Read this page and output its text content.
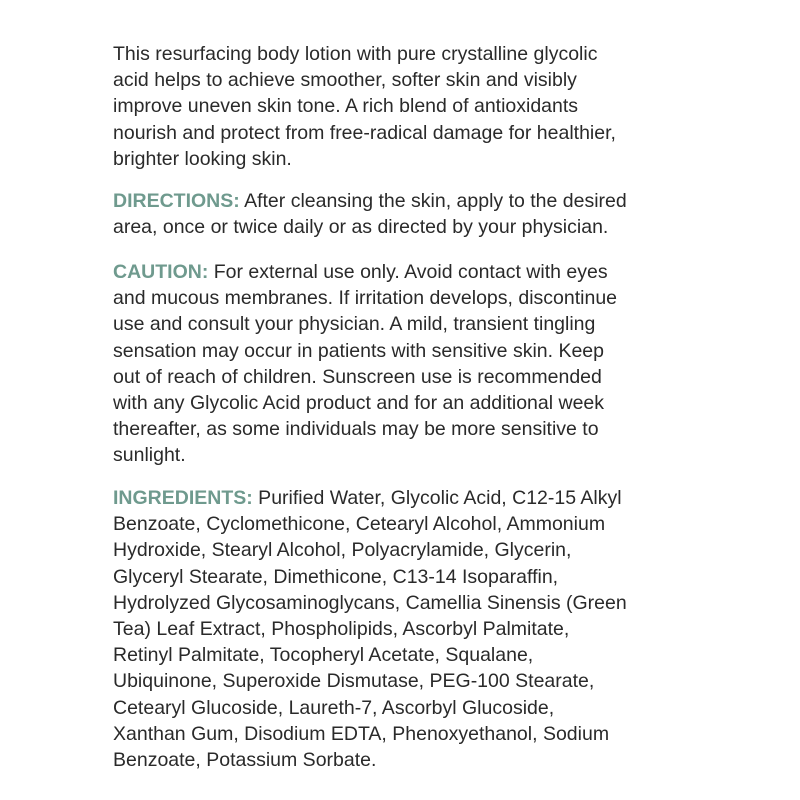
This resurfacing body lotion with pure crystalline glycolic
acid helps to achieve smoother, softer skin and visibly
improve uneven skin tone. A rich blend of antioxidants
nourish and protect from free-radical damage for healthier,
brighter looking skin.

DIRECTIONS: After cleansing the skin, apply to the desired
area, once or twice daily or as directed by your physician.

CAUTION: For external use only. Avoid contact with eyes
and mucous membranes. If irritation develops, discontinue
use and consult your physician. A mild, transient tingling
sensation may occur in patients with sensitive skin. Keep
out of reach of children. Sunscreen use is recommended
with any Glycolic Acid product and for an additional week
thereafter, as some individuals may be more sensitive to
sunlight.

INGREDIENTS: Purified Water, Glycolic Acid, C12-15 Alkyl
Benzoate, Cyclomethicone, Cetearyl Alcohol, Ammonium
Hydroxide, Stearyl Alcohol, Polyacrylamide, Glycerin,
Glyceryl Stearate, Dimethicone, C13-14 Isoparaffin,
Hydrolyzed Glycosaminoglycans, Camellia Sinensis (Green
Tea) Leaf Extract, Phospholipids, Ascorbyl Palmitate,
Retinyl Palmitate, Tocopheryl Acetate, Squalane,
Ubiquinone, Superoxide Dismutase, PEG-100 Stearate,
Cetearyl Glucoside, Laureth-7, Ascorbyl Glucoside,
Xanthan Gum, Disodium EDTA, Phenoxyethanol, Sodium
Benzoate, Potassium Sorbate.
